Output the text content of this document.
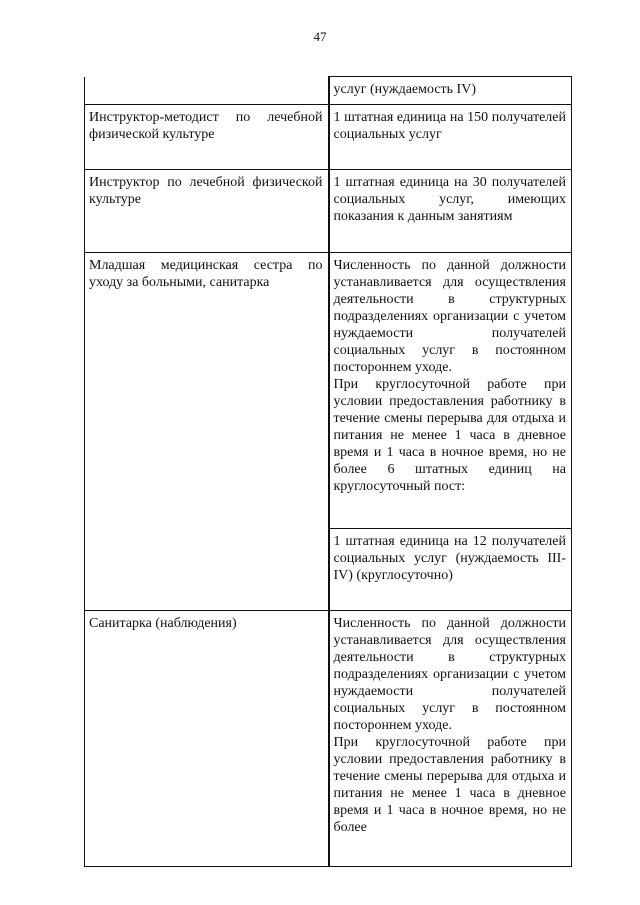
47
	услуг (нуждаемость IV)
Инструктор-методист по лечебной физической культуре	1 штатная единица на 150 получателей социальных услуг
Инструктор по лечебной физической культуре	1 штатная единица на 30 получателей социальных услуг, имеющих показания к данным занятиям
Младшая медицинская сестра по уходу за больными, санитарка	Численность по данной должности устанавливается для осуществления деятельности в структурных подразделениях организации с учетом нуждаемости получателей социальных услуг в постоянном постороннем уходе.
При круглосуточной работе при условии предоставления работнику в течение смены перерыва для отдыха и питания не менее 1 часа в дневное время и 1 часа в ночное время, но не более 6 штатных единиц на круглосуточный пост:

	1 штатная единица на 12 получателей социальных услуг (нуждаемость III-IV) (круглосуточно)
Санитарка (наблюдения)	Численность по данной должности устанавливается для осуществления деятельности в структурных подразделениях организации с учетом нуждаемости получателей социальных услуг в постоянном постороннем уходе.
При круглосуточной работе при условии предоставления работнику в течение смены перерыва для отдыха и питания не менее 1 часа в дневное время и 1 часа в ночное время, но не более
